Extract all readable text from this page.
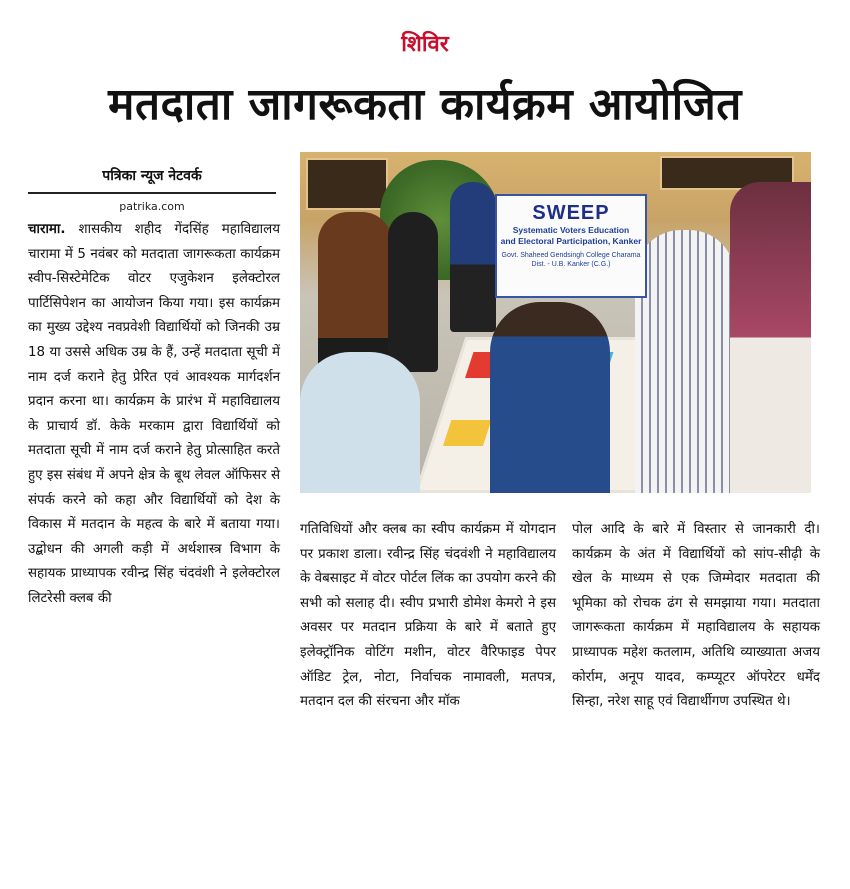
शिविर
मतदाता जागरूकता कार्यक्रम आयोजित
पत्रिका न्यूज नेटवर्क
patrika.com
चारामा. शासकीय शहीद गेंदसिंह महाविद्यालय चारामा में 5 नवंबर को मतदाता जागरूकता कार्यक्रम स्वीप-सिस्टेमेटिक वोटर एजुकेशन इलेक्टोरल पार्टिसिपेशन का आयोजन किया गया। इस कार्यक्रम का मुख्य उद्देश्य नवप्रवेशी विद्यार्थियों को जिनकी उम्र 18 या उससे अधिक उम्र के हैं, उन्हें मतदाता सूची में नाम दर्ज कराने हेतु प्रेरित एवं आवश्यक मार्गदर्शन प्रदान करना था। कार्यक्रम के प्रारंभ में महाविद्यालय के प्राचार्य डॉ. केके मरकाम द्वारा विद्यार्थियों को मतदाता सूची में नाम दर्ज कराने हेतु प्रोत्साहित करते हुए इस संबंध में अपने क्षेत्र के बूथ लेवल ऑफिसर से संपर्क करने को कहा और विद्यार्थियों को देश के विकास में मतदान के महत्व के बारे में बताया गया। उद्बोधन की अगली कड़ी में अर्थशास्त्र विभाग के सहायक प्राध्यापक रवीन्द्र सिंह चंदवंशी ने इलेक्टोरल लिटरेसी क्लब की
SWEEP
Systematic Voters Education
and Electoral Participation, Kanker
Govt. Shaheed Gendsingh College Charama
Dist. - U.B. Kanker (C.G.)
गतिविधियों और क्लब का स्वीप कार्यक्रम में योगदान पर प्रकाश डाला। रवीन्द्र सिंह चंदवंशी ने महाविद्यालय के वेबसाइट में वोटर पोर्टल लिंक का उपयोग करने की सभी को सलाह दी। स्वीप प्रभारी डोमेश केमरो ने इस अवसर पर मतदान प्रक्रिया के बारे में बताते हुए इलेक्ट्रॉनिक वोटिंग मशीन, वोटर वैरिफाइड पेपर ऑडिट ट्रेल, नोटा, निर्वाचक नामावली, मतपत्र, मतदान दल की संरचना और मॉक
पोल आदि के बारे में विस्तार से जानकारी दी। कार्यक्रम के अंत में विद्यार्थियों को सांप-सीढ़ी के खेल के माध्यम से एक जिम्मेदार मतदाता की भूमिका को रोचक ढंग से समझाया गया। मतदाता जागरूकता कार्यक्रम में महाविद्यालय के सहायक प्राध्यापक महेश कतलाम, अतिथि व्याख्याता अजय कोर्राम, अनूप यादव, कम्प्यूटर ऑपरेटर धर्मेंद सिन्हा, नरेश साहू एवं विद्यार्थीगण उपस्थित थे।
